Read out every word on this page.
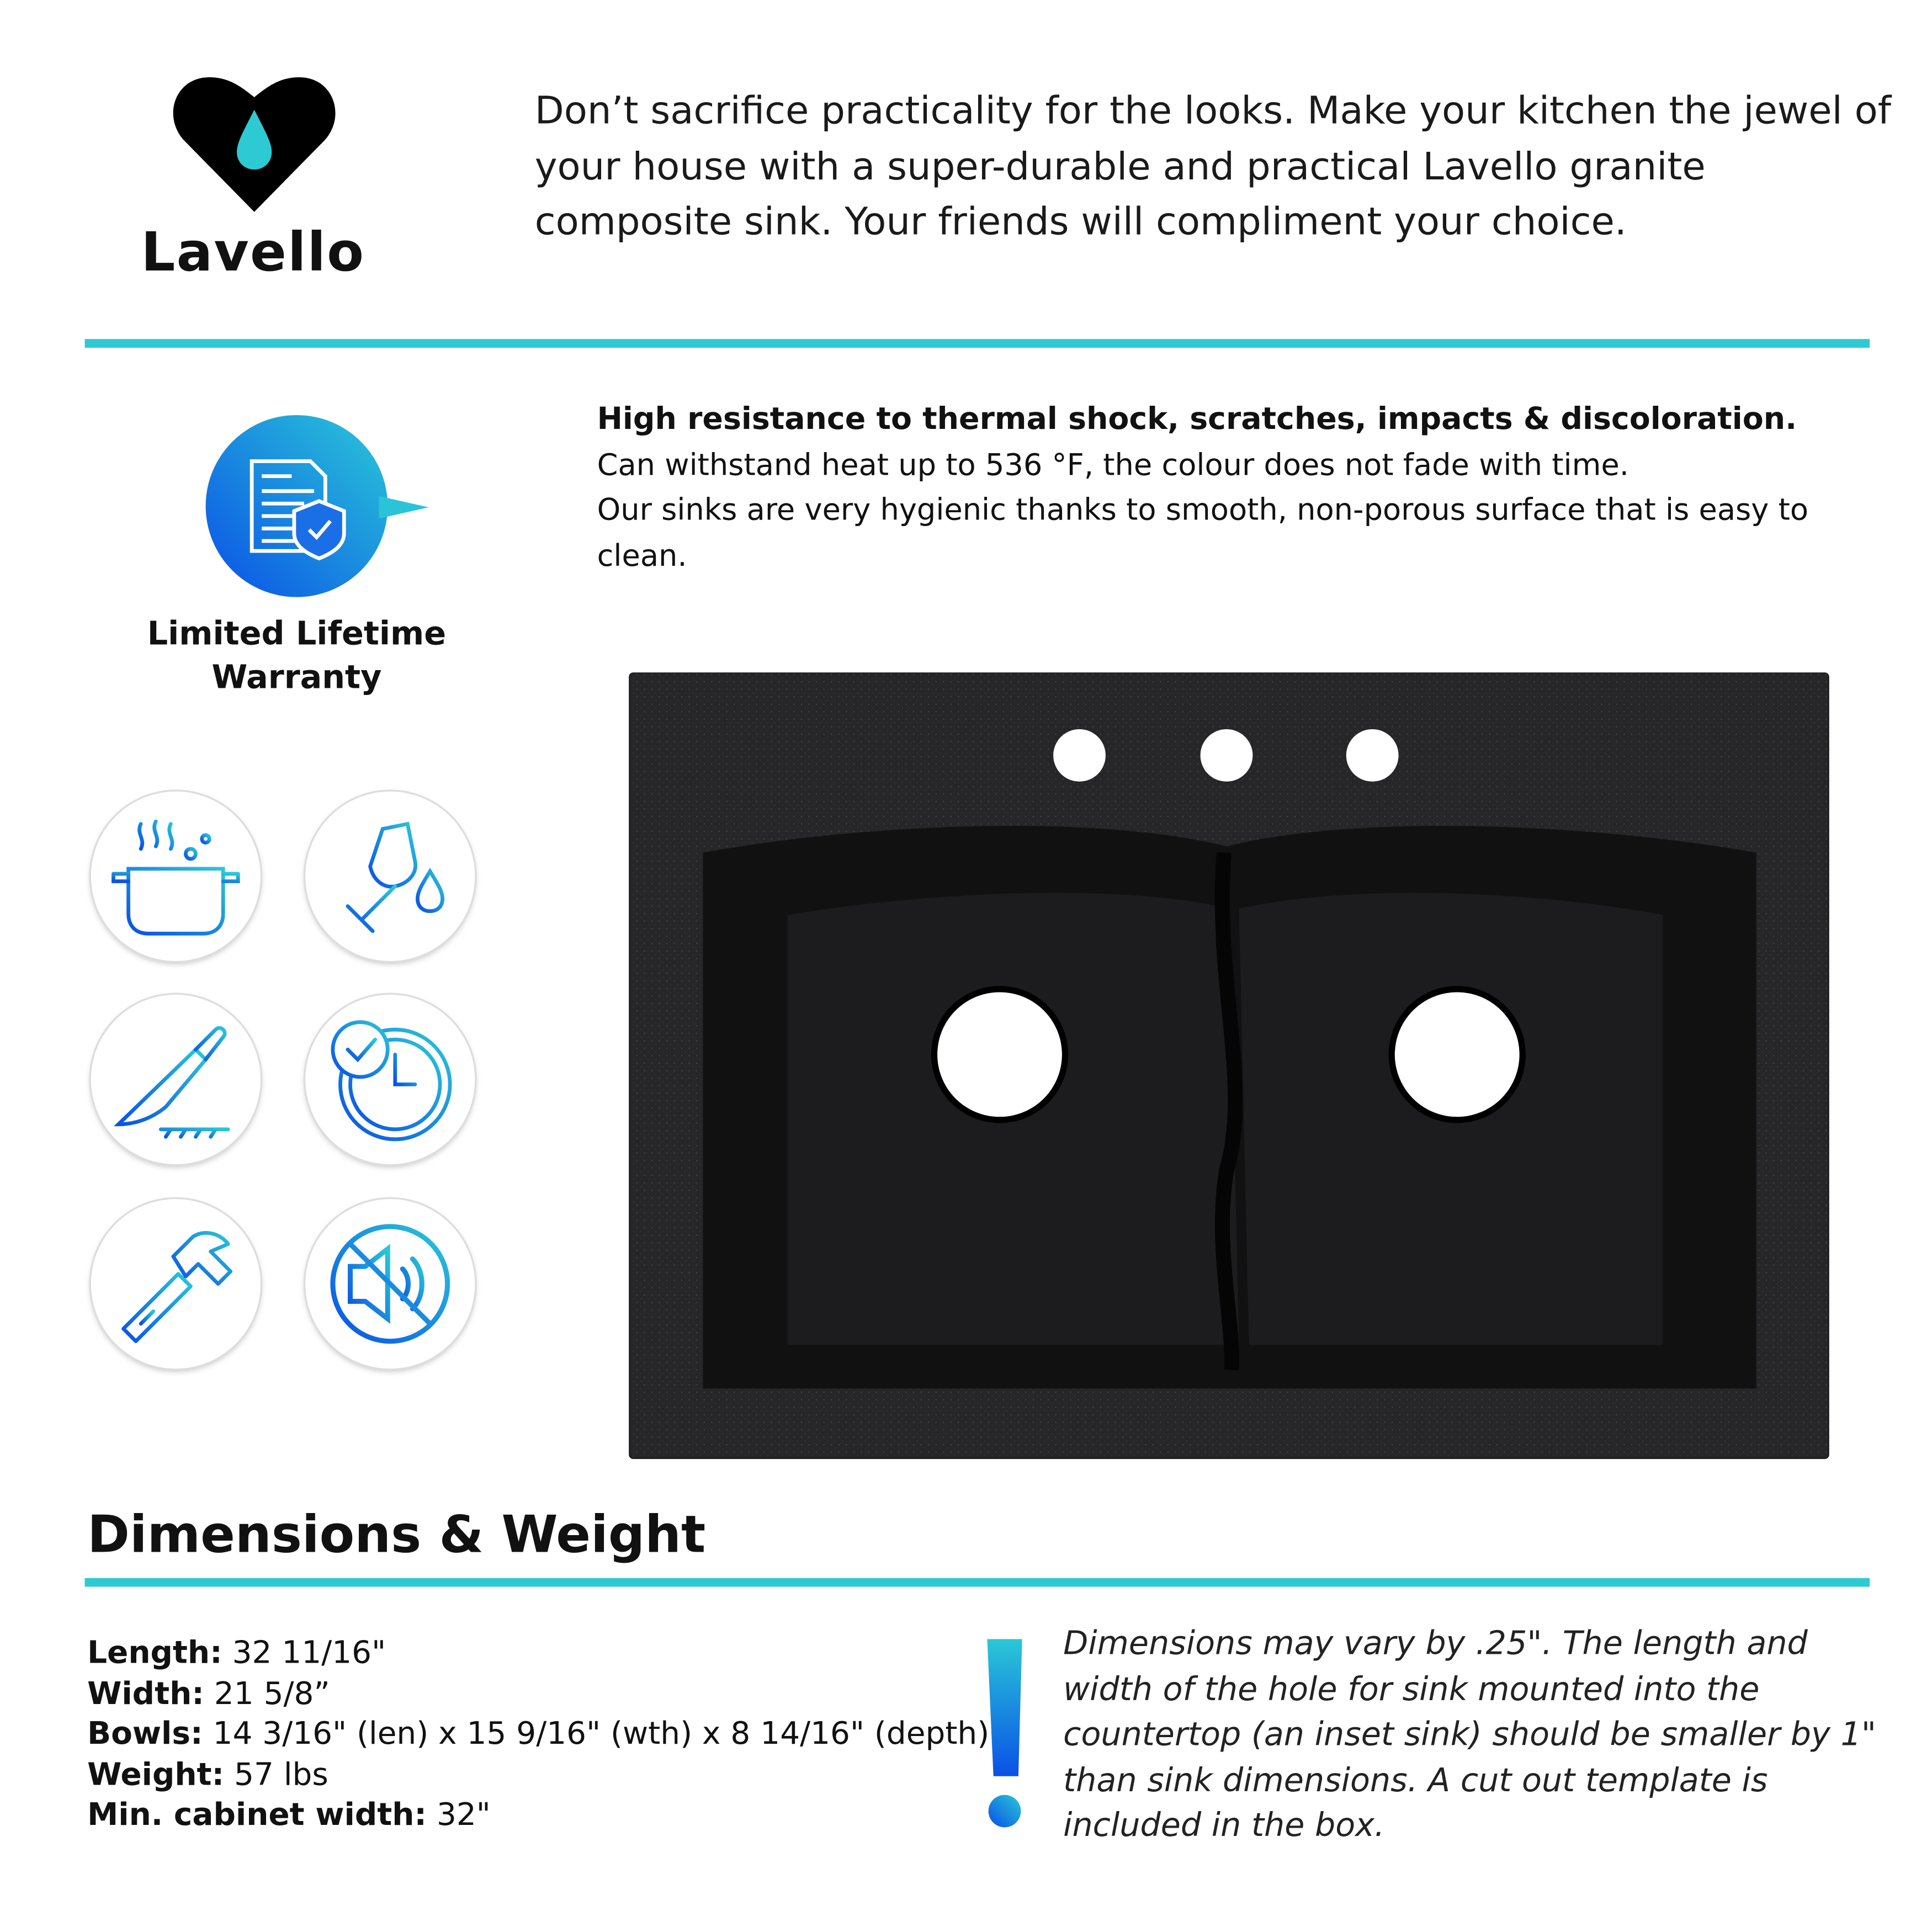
Lavello
Don’t sacrifice practicality for the looks. Make your kitchen the jewel of your house with a super-durable and practical Lavello granite composite sink. Your friends will compliment your choice.
Limited Lifetime
Warranty
High resistance to thermal shock, scratches, impacts & discoloration.
Can withstand heat up to 536 °F, the colour does not fade with time.
Our sinks are very hygienic thanks to smooth, non-porous surface that is easy to clean.
Dimensions & Weight
Length: 32 11/16"
Width: 21 5/8”
Bowls: 14 3/16" (len) x 15 9/16" (wth) x 8 14/16" (depth)
Weight: 57 lbs
Min. cabinet width: 32"
Dimensions may vary by .25". The length and width of the hole for sink mounted into the countertop (an inset sink) should be smaller by 1" than sink dimensions. A cut out template is included in the box.
